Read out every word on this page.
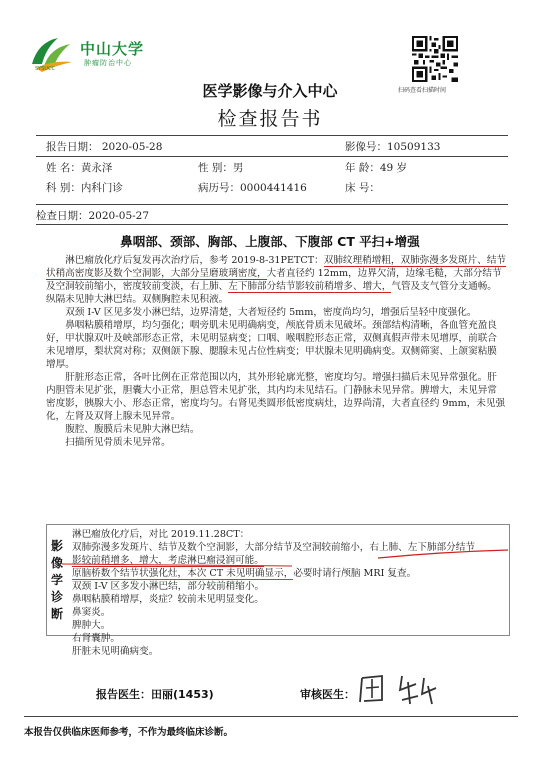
中山大学
肿瘤防治中心
SYSUCC
扫码查看扫描时间
医学影像与介入中心
检查报告书
报告日期： 2020-05-28	影像号：10509133
姓 名：黄永泽	性 别：男	年 龄：49 岁
科 别：内科门诊	病历号：0000441416	床 号：
检查日期：2020-05-27
鼻咽部、颈部、胸部、上腹部、下腹部 CT 平扫+增强

淋巴瘤放化疗后复发再次治疗后，参考 2019-8-31PETCT：双肺纹理稍增粗，双肺弥漫多发斑片、结节状稍高密度影及数个空洞影，大部分呈磨玻璃密度，大者直径约 12mm，边界欠清，边缘毛糙，大部分结节及空洞较前缩小，密度较前变淡，右上肺、左下肺部分结节影较前稍增多、增大，气管及支气管分支通畅。纵隔未见肿大淋巴结。双侧胸腔未见积液。

双颈 I-V 区见多发小淋巴结，边界清楚，大者短径约 5mm，密度尚均匀，增强后呈轻中度强化。

鼻咽粘膜稍增厚，均匀强化；咽旁肌未见明确病变，颅底骨质未见破坏。颈部结构清晰，各血管充盈良好，甲状腺双叶及峡部形态正常，未见明显病变；口咽、喉咽腔形态正常，双侧真假声带未见增厚，前联合未见增厚，梨状窝对称；双侧颌下腺、腮腺未见占位性病变；甲状腺未见明确病变。双侧筛窦、上颌窦粘膜增厚。

肝脏形态正常，各叶比例在正常范围以内，其外形轮廓光整，密度均匀。增强扫描后未见异常强化。肝内胆管未见扩张，胆囊大小正常，胆总管未见扩张，其内均未见结石。门静脉未见异常。脾增大，未见异常密度影，胰腺大小、形态正常，密度均匀。右肾见类圆形低密度病灶，边界尚清，大者直径约 9mm，未见强化，左肾及双肾上腺未见异常。

腹腔、腹膜后未见肿大淋巴结。

扫描所见骨质未见异常。

影
像
学
诊
断
淋巴瘤放化疗后，对比 2019.11.28CT：
双肺弥漫多发斑片、结节及数个空洞影，大部分结节及空洞较前缩小，右上肺、左下肺部分结节
影较前稍增多、增大，考虑淋巴瘤浸润可能。
原脑桥数个结节状强化灶，本次 CT 未见明确显示，必要时请行颅脑 MRI 复查。
双颈 I-V 区多发小淋巴结，部分较前稍缩小。
鼻咽粘膜稍增厚，炎症？较前未见明显变化。
鼻窦炎。
脾肿大。
右肾囊肿。
肝脏未见明确病变。
报告医生：田丽(1453)	审核医生：
本报告仅供临床医师参考，不作为最终临床诊断。
